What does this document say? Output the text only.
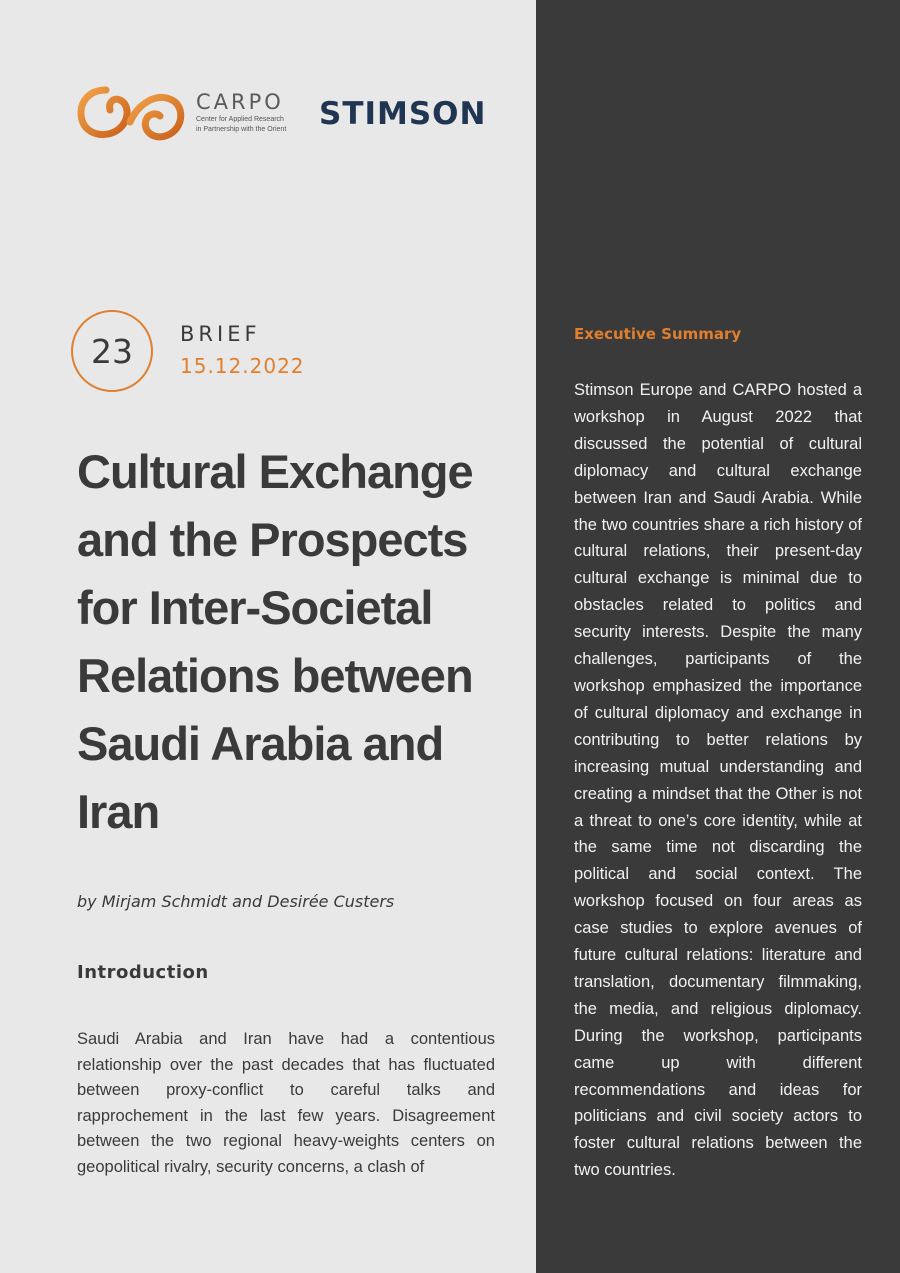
CARPO
Center for Applied Research
in Partnership with the Orient STIMSON
23	BRIEF
15.12.2022
Cultural Exchange and the Prospects for Inter-Societal Relations between Saudi Arabia and Iran
by Mirjam Schmidt and Desirée Custers
Introduction

Saudi Arabia and Iran have had a contentious relationship over the past decades that has fluctuated between proxy-conflict to careful talks and rapprochement in the last few years. Disagreement between the two regional heavy-weights centers on geopolitical rivalry, security concerns, a clash of

Executive Summary

Stimson Europe and CARPO hosted a workshop in August 2022 that discussed the potential of cultural diplomacy and cultural exchange between Iran and Saudi Arabia. While the two countries share a rich history of cultural relations, their present-day cultural exchange is minimal due to obstacles related to politics and security interests. Despite the many challenges, participants of the workshop emphasized the importance of cultural diplomacy and exchange in contributing to better relations by increasing mutual understanding and creating a mindset that the Other is not a threat to one’s core identity, while at the same time not discarding the political and social context. The workshop focused on four areas as case studies to explore avenues of future cultural relations: literature and translation, documentary filmmaking, the media, and religious diplomacy. During the workshop, participants came up with different recommendations and ideas for politicians and civil society actors to foster cultural relations between the two countries.
